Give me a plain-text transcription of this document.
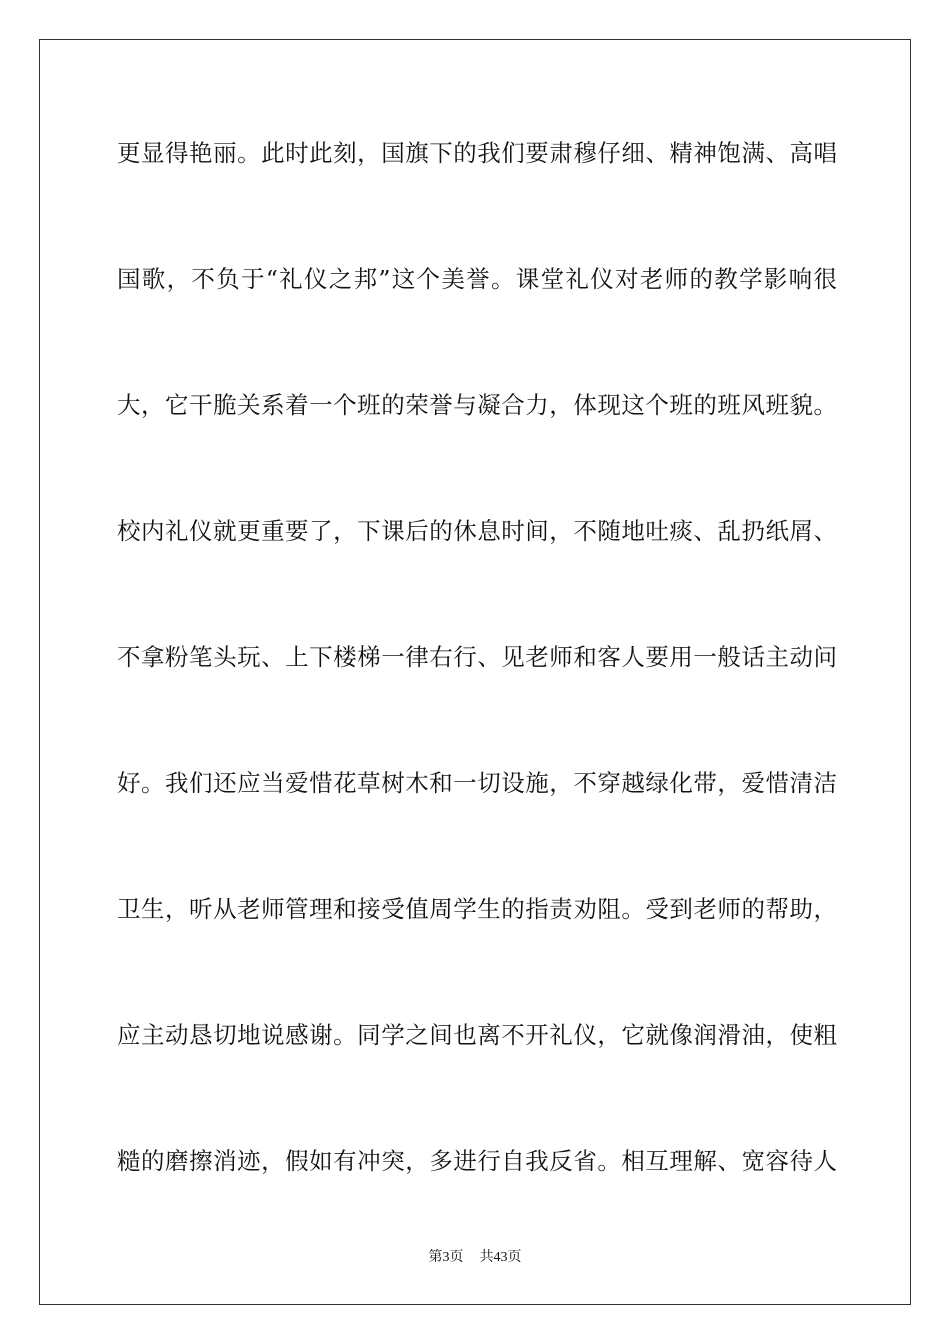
更显得艳丽。此时此刻，国旗下的我们要肃穆仔细、精神饱满、高唱
国歌，不负于“礼仪之邦”这个美誉。课堂礼仪对老师的教学影响很
大，它干脆关系着一个班的荣誉与凝合力，体现这个班的班风班貌。
校内礼仪就更重要了，下课后的休息时间，不随地吐痰、乱扔纸屑、
不拿粉笔头玩、上下楼梯一律右行、见老师和客人要用一般话主动问
好。我们还应当爱惜花草树木和一切设施，不穿越绿化带，爱惜清洁
卫生，听从老师管理和接受值周学生的指责劝阻。受到老师的帮助，
应主动恳切地说感谢。同学之间也离不开礼仪，它就像润滑油，使粗
糙的磨擦消迹，假如有冲突，多进行自我反省。相互理解、宽容待人
第3页 共43页
